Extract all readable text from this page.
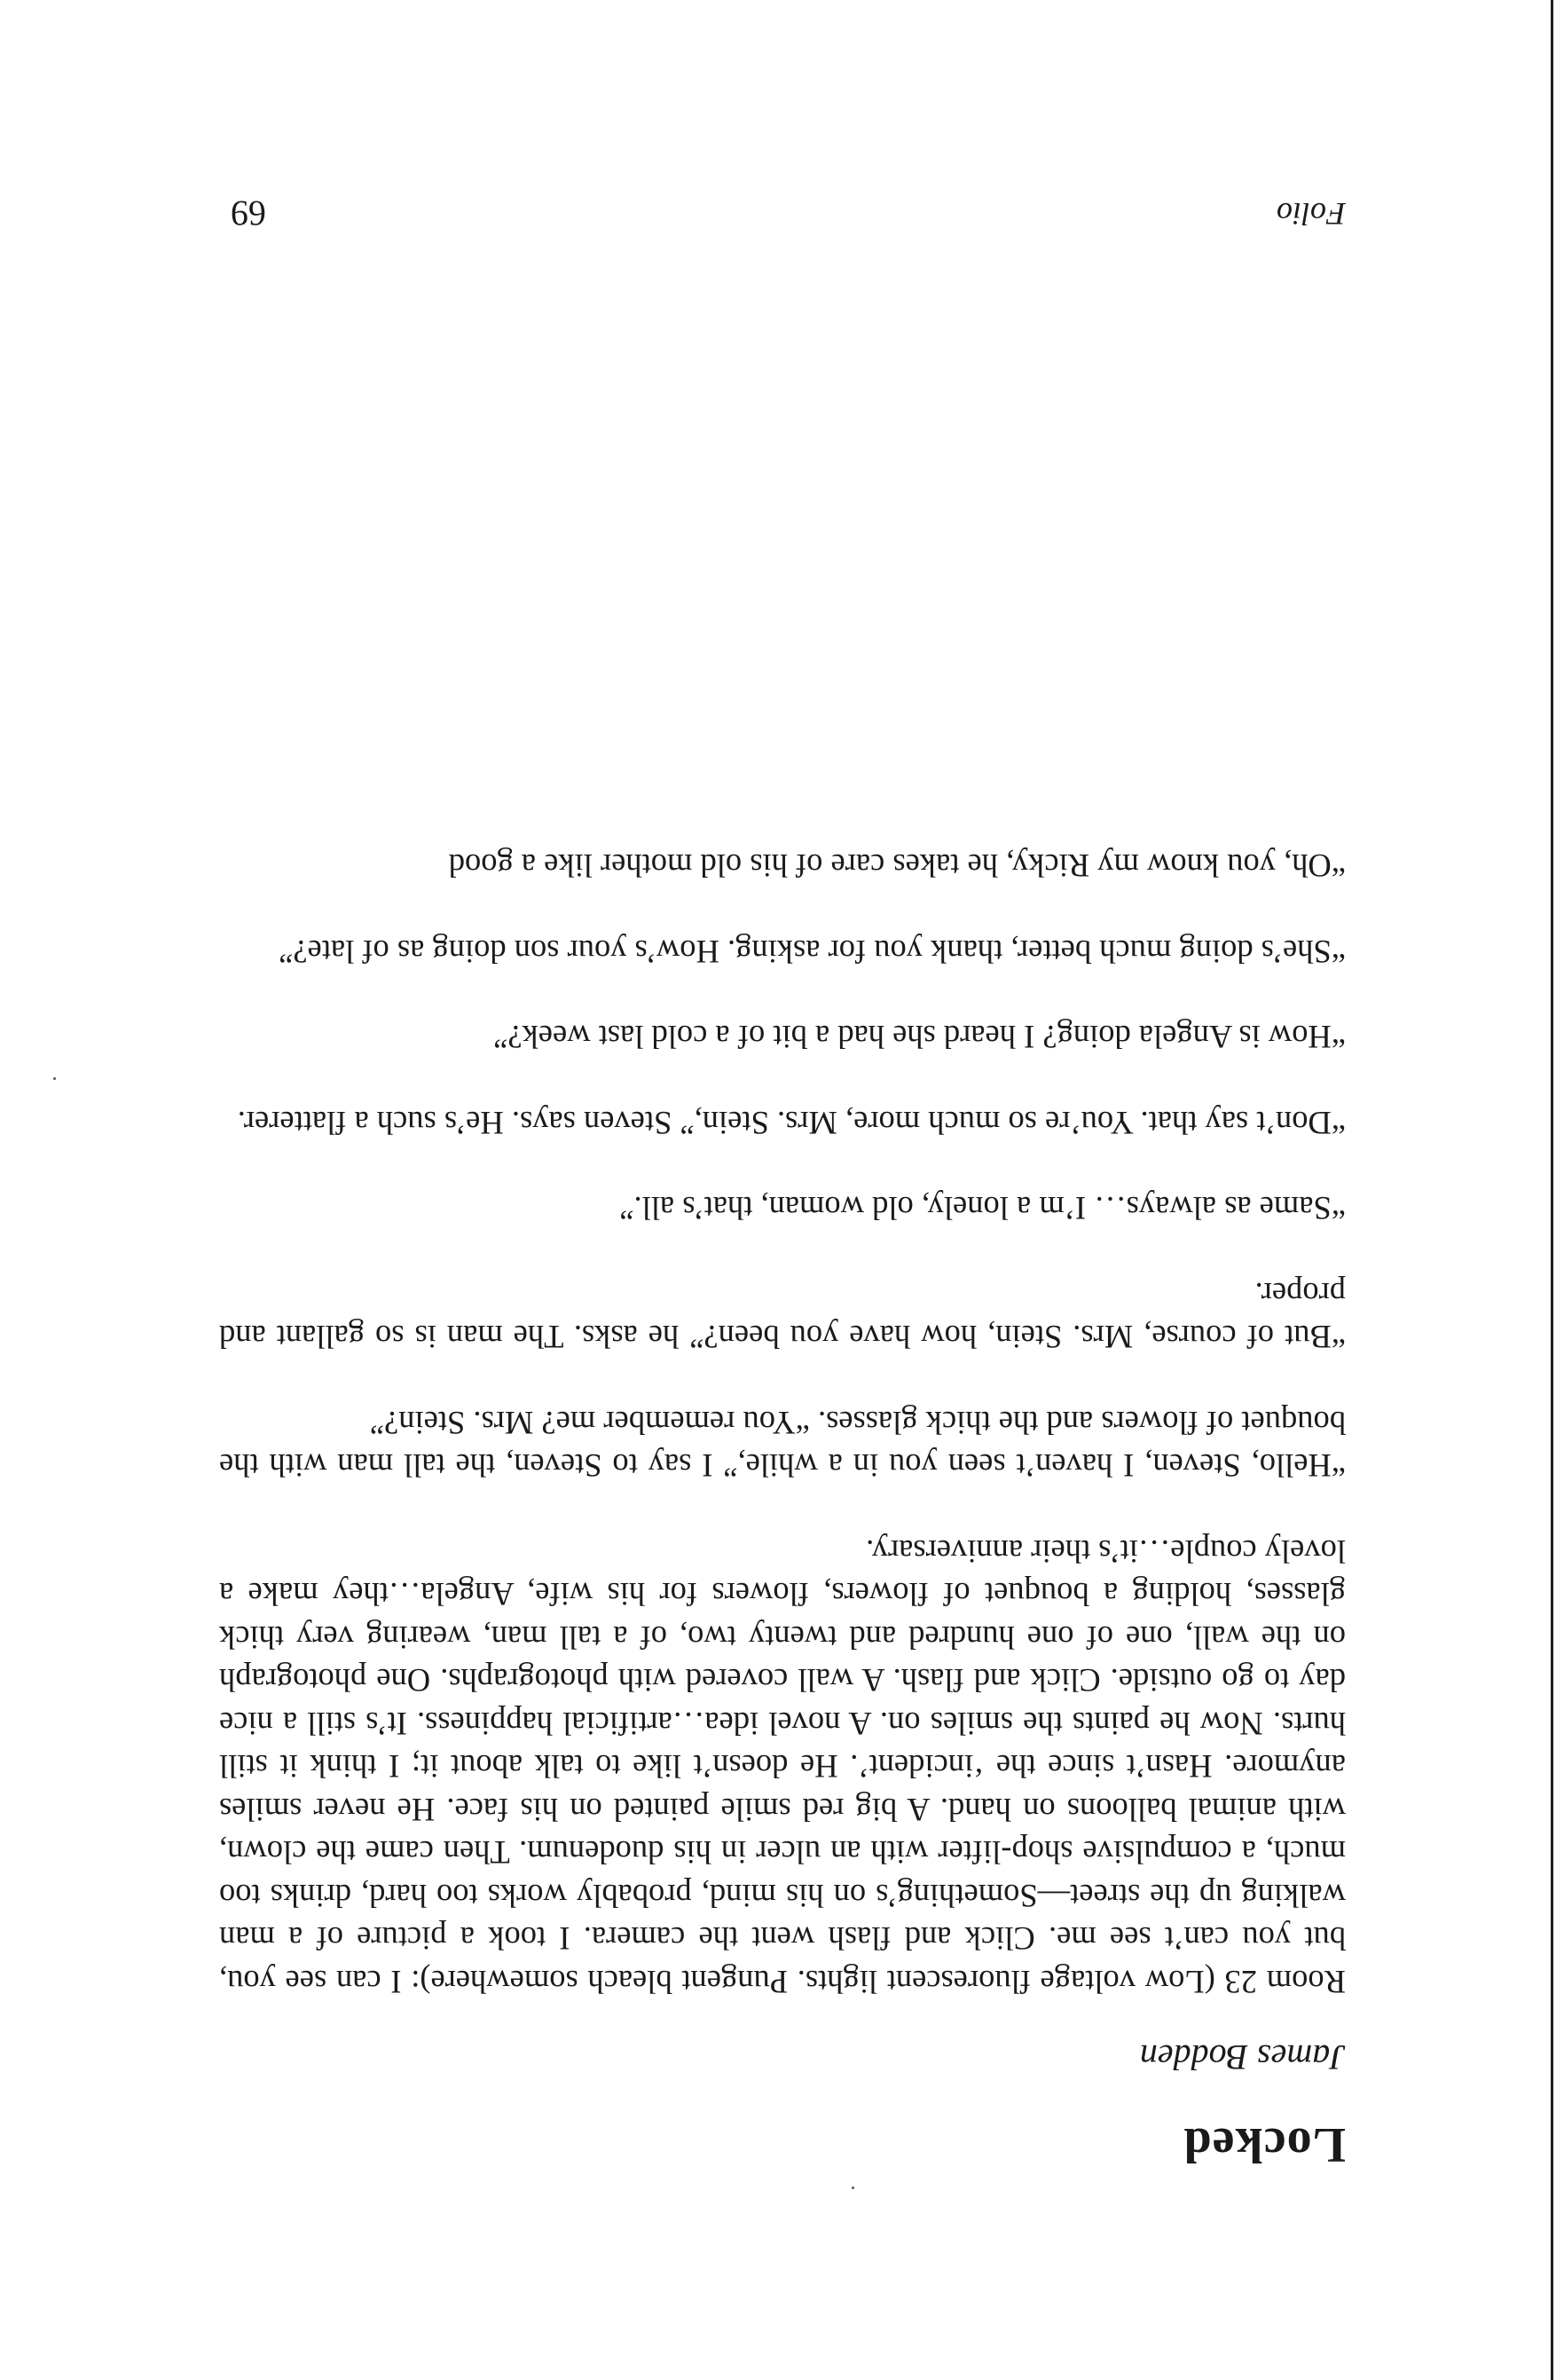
Locked
James Bodden

Room 23 (Low voltage fluorescent lights. Pungent bleach somewhere): I can see you, but you can’t see me. Click and flash went the camera. I took a picture of a man walking up the street—Something’s on his mind, probably works too hard, drinks too much, a compulsive shop-lifter with an ulcer in his duodenum. Then came the clown, with animal balloons on hand. A big red smile painted on his face. He never smiles anymore. Hasn’t since the ‘incident’. He doesn’t like to talk about it; I think it still hurts. Now he paints the smiles on. A novel idea…artificial happiness. It’s still a nice day to go outside. Click and flash. A wall covered with photographs. One photograph on the wall, one of one hundred and twenty two, of a tall man, wearing very thick glasses, holding a bouquet of flowers, flowers for his wife, Angela…they make a lovely couple…it’s their anniversary.

“Hello, Steven, I haven’t seen you in a while,” I say to Steven, the tall man with the bouquet of flowers and the thick glasses. “You remember me? Mrs. Stein?”

“But of course, Mrs. Stein, how have you been?” he asks. The man is so gallant and proper.

“Same as always… I’m a lonely, old woman, that’s all.”

“Don’t say that. You’re so much more, Mrs. Stein,” Steven says. He’s such a flatterer.

“How is Angela doing? I heard she had a bit of a cold last week?”

“She’s doing much better, thank you for asking. How’s your son doing as of late?”

“Oh, you know my Ricky, he takes care of his old mother like a good

Folio
69
